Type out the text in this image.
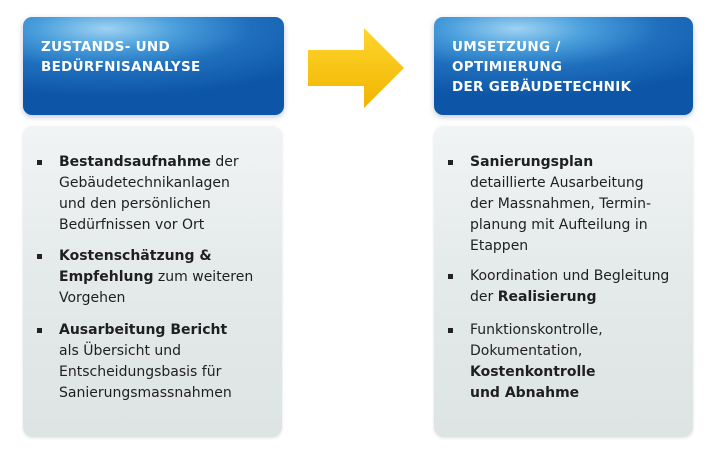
ZUSTANDS- UND
BEDÜRFNISANALYSE
UMSETZUNG /
OPTIMIERUNG
DER GEBÄUDETECHNIK
Bestandsaufnahme der
Gebäudetechnikanlagen
und den persönlichen
Bedürfnissen vor Ort
Kostenschätzung &
Empfehlung zum weiteren
Vorgehen
Ausarbeitung Bericht
als Übersicht und
Entscheidungsbasis für
Sanierungsmassnahmen
Sanierungsplan
detaillierte Ausarbeitung
der Massnahmen, Termin-
planung mit Aufteilung in
Etappen
Koordination und Begleitung
der Realisierung
Funktionskontrolle,
Dokumentation,
Kostenkontrolle
und Abnahme
